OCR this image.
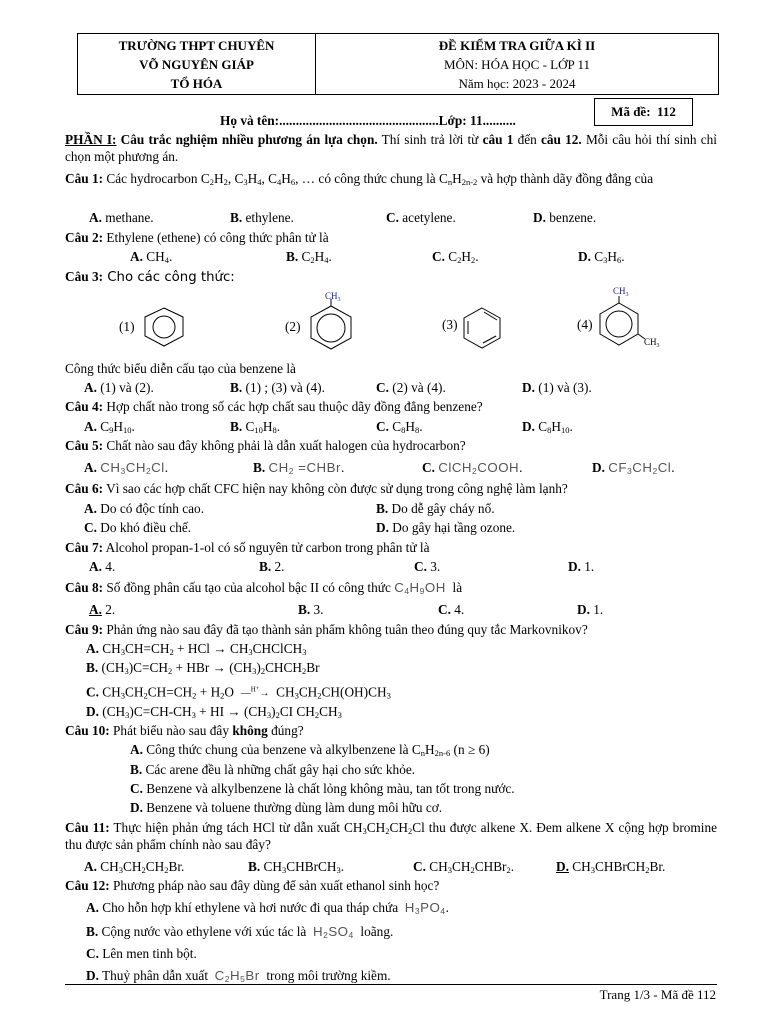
TRƯỜNG THPT CHUYÊN
VÕ NGUYÊN GIÁP
TỔ HÓA
ĐỀ KIỂM TRA GIỮA KÌ II
MÔN: HÓA HỌC - LỚP 11
Năm học: 2023 - 2024
Mã đề:
112
Họ và tên:................................................Lớp: 11..........
PHẦN I: Câu trắc nghiệm nhiều phương án lựa chọn. Thí sinh trả lời từ câu 1 đến câu 12. Mỗi câu hỏi thí sinh chỉ chọn một phương án.
Câu 1: Các hydrocarbon $C_2H_2$, $C_3H_4$, $C_4H_6$, … có công thức chung là $C_nH_{2n-2}$ và hợp thành dãy đồng đẳng của
A. methane.	B. ethylene.	C. acetylene.	D. benzene.
Câu 2: Ethylene (ethene) có công thức phân tử là
A. $CH_4$.	B. $C_2H_4$.	C. $C_2H_2$.	D. $C_3H_6$.
Câu 3: Cho các công thức:
(1)	(2)	(3)	(4)
$CH_3$
$CH_3$
$CH_3$
Công thức biểu diễn cấu tạo của benzene là
A. (1) và (2).	B. (1) ; (3) và (4).	C. (2) và (4).	D. (1) và (3).
Câu 4: Hợp chất nào trong số các hợp chất sau thuộc dãy đồng đẳng benzene?
A. $C_9H_{10}$.	B. $C_{10}H_8$.	C. $C_8H_8$.	D. $C_8H_{10}$.
Câu 5: Chất nào sau đây không phải là dẫn xuất halogen của hydrocarbon?
A. $CH_3CH_2Cl$.	B. $CH_2$ =CHBr.	C. ClCH$_2$COOH.	D. $CF_3CH_2Cl$.
Câu 6: Vì sao các hợp chất CFC hiện nay không còn được sử dụng trong công nghệ làm lạnh?
A. Do có độc tính cao.	B. Do dễ gây cháy nổ.
C. Do khó điều chế.	D. Do gây hại tầng ozone.
Câu 7: Alcohol propan-1-ol có số nguyên tử carbon trong phân tử là
A. 4.	B. 2.	C. 3.	D. 1.
Câu 8: Số đồng phân cấu tạo của alcohol bậc II có công thức $C_4H_9OH$ là
A. 2.	B. 3.	C. 4.	D. 1.
Câu 9: Phản ứng nào sau đây đã tạo thành sản phẩm không tuân theo đúng quy tắc Markovnikov?
A. $CH_3CH=CH_2$ + HCl → $CH_3CHClCH_3$
B. $(CH_3)C=CH_2$ + HBr → $(CH_3)_2CHCH_2Br$
C. $CH_3CH_2CH=CH_2 + H_2O$  —$^{H^+}$→  $CH_3CH_2CH(OH)CH_3$
D. $(CH_3)C=CH-CH_3$ + HI → $(CH_3)_2CI$ $CH_2CH_3$
Câu 10: Phát biểu nào sau đây không đúng?
A. Công thức chung của benzene và alkylbenzene là $C_nH_{2n-6}$ (n ≥ 6)
B. Các arene đều là những chất gây hại cho sức khỏe.
C. Benzene và alkylbenzene là chất lỏng không màu, tan tốt trong nước.
D. Benzene và toluene thường dùng làm dung môi hữu cơ.
Câu 11: Thực hiện phản ứng tách HCl từ dẫn xuất $CH_3CH_2CH_2Cl$ thu được alkene X. Đem alkene X cộng hợp bromine thu được sản phẩm chính nào sau đây?
A. $CH_3CH_2CH_2Br$.	B. $CH_3CHBrCH_3$.	C. $CH_3CH_2CHBr_2$.	D. $CH_3CHBrCH_2Br$.
Câu 12: Phương pháp nào sau đây dùng để sản xuất ethanol sinh học?
A. Cho hỗn hợp khí ethylene và hơi nước đi qua tháp chứa $H_3PO_4$.
B. Cộng nước vào ethylene với xúc tác là $H_2SO_4$ loãng.
C. Lên men tinh bột.
D. Thuỷ phân dẫn xuất $C_2H_5Br$ trong môi trường kiềm.
Trang 1/3 - Mã đề 112
